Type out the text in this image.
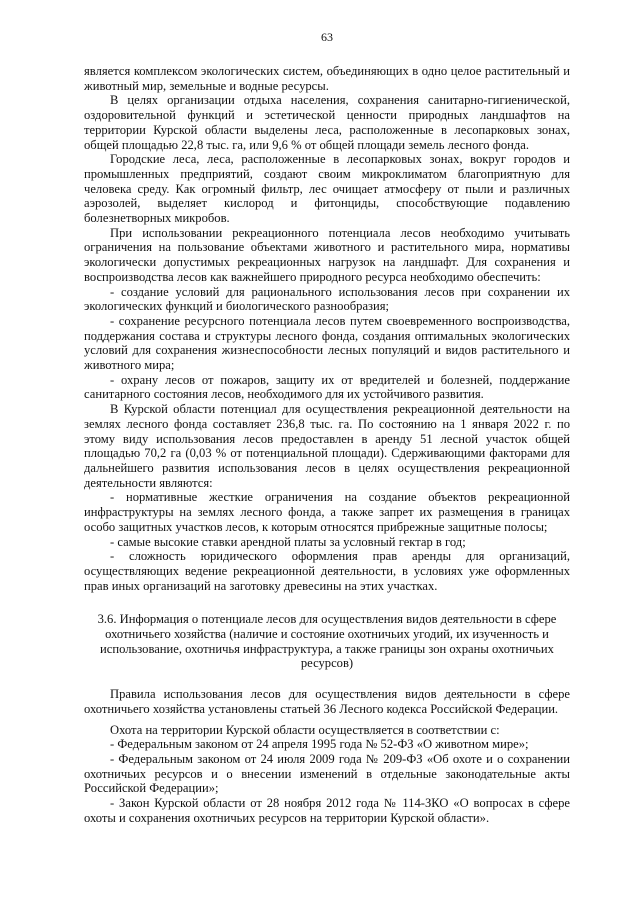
63

является комплексом экологических систем, объединяющих в одно целое растительный и животный мир, земельные и водные ресурсы.

В целях организации отдыха населения, сохранения санитарно-гигиенической, оздоровительной функций и эстетической ценности природных ландшафтов на территории Курской области выделены леса, расположенные в лесопарковых зонах, общей площадью 22,8 тыс. га, или 9,6 % от общей площади земель лесного фонда.

Городские леса, леса, расположенные в лесопарковых зонах, вокруг городов и промышленных предприятий, создают своим микроклиматом благоприятную для человека среду. Как огромный фильтр, лес очищает атмосферу от пыли и различных аэрозолей, выделяет кислород и фитонциды, способствующие подавлению болезнетворных микробов.

При использовании рекреационного потенциала лесов необходимо учитывать ограничения на пользование объектами животного и растительного мира, нормативы экологически допустимых рекреационных нагрузок на ландшафт. Для сохранения и воспроизводства лесов как важнейшего природного ресурса необходимо обеспечить:

- создание условий для рационального использования лесов при сохранении их экологических функций и биологического разнообразия;

- сохранение ресурсного потенциала лесов путем своевременного воспроизводства, поддержания состава и структуры лесного фонда, создания оптимальных экологических условий для сохранения жизнеспособности лесных популяций и видов растительного и животного мира;

- охрану лесов от пожаров, защиту их от вредителей и болезней, поддержание санитарного состояния лесов, необходимого для их устойчивого развития.

В Курской области потенциал для осуществления рекреационной деятельности на землях лесного фонда составляет 236,8 тыс. га. По состоянию на 1 января 2022 г. по этому виду использования лесов предоставлен в аренду 51 лесной участок общей площадью 70,2 га (0,03 % от потенциальной площади). Сдерживающими факторами для дальнейшего развития использования лесов в целях осуществления рекреационной деятельности являются:

- нормативные жесткие ограничения на создание объектов рекреационной инфраструктуры на землях лесного фонда, а также запрет их размещения в границах особо защитных участков лесов, к которым относятся прибрежные защитные полосы;

- самые высокие ставки арендной платы за условный гектар в год;

- сложность юридического оформления прав аренды для организаций, осуществляющих ведение рекреационной деятельности, в условиях уже оформленных прав иных организаций на заготовку древесины на этих участках.

3.6. Информация о потенциале лесов для осуществления видов деятельности в сфере охотничьего хозяйства (наличие и состояние охотничьих угодий, их изученность и использование, охотничья инфраструктура, а также границы зон охраны охотничьих ресурсов)

Правила использования лесов для осуществления видов деятельности в сфере охотничьего хозяйства установлены статьей 36 Лесного кодекса Российской Федерации.

Охота на территории Курской области осуществляется в соответствии с:

- Федеральным законом от 24 апреля 1995 года № 52-ФЗ «О животном мире»;

- Федеральным законом от 24 июля 2009 года № 209-ФЗ «Об охоте и о сохранении охотничьих ресурсов и о внесении изменений в отдельные законодательные акты Российской Федерации»;

- Закон Курской области от 28 ноября 2012 года № 114-ЗКО «О вопросах в сфере охоты и сохранения охотничьих ресурсов на территории Курской области».
